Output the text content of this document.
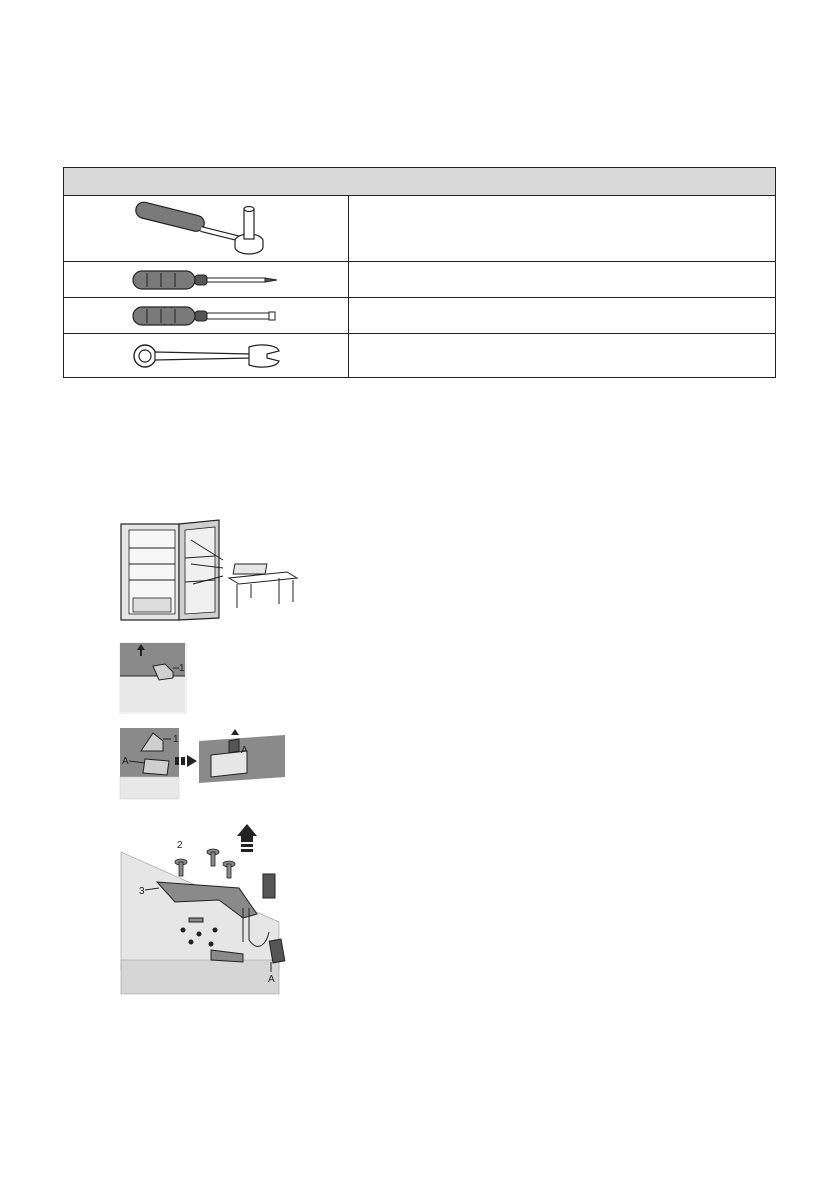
1
1
A
A
2
3
A
